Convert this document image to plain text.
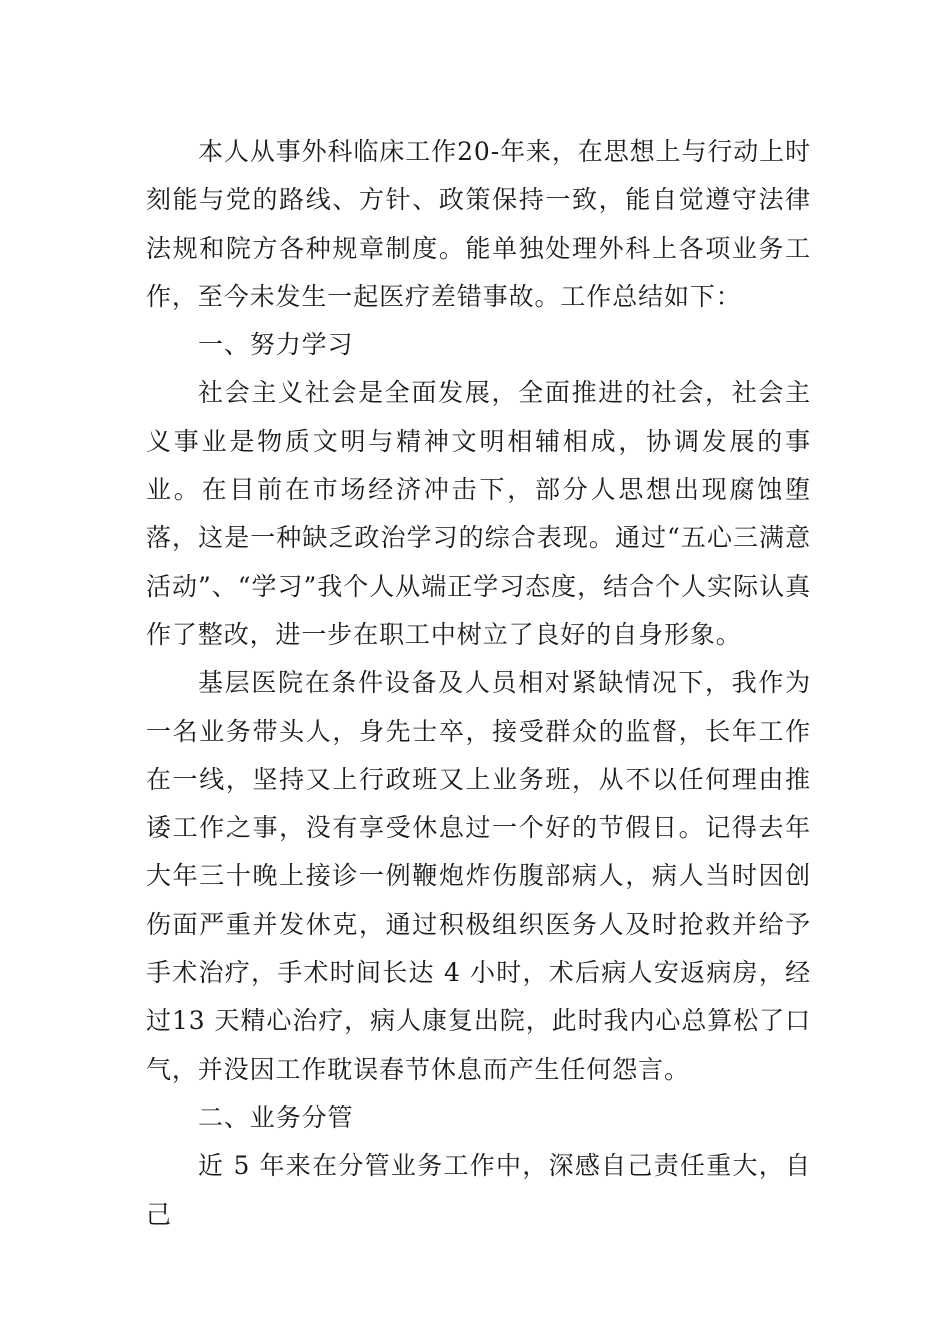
本人从事外科临床工作20-年来，在思想上与行动上时刻能与党的路线、方针、政策保持一致，能自觉遵守法律法规和院方各种规章制度。能单独处理外科上各项业务工作，至今未发生一起医疗差错事故。工作总结如下：

一、努力学习

社会主义社会是全面发展，全面推进的社会，社会主义事业是物质文明与精神文明相辅相成，协调发展的事业。在目前在市场经济冲击下，部分人思想出现腐蚀堕落，这是一种缺乏政治学习的综合表现。通过“五心三满意活动”、“学习”我个人从端正学习态度，结合个人实际认真作了整改，进一步在职工中树立了良好的自身形象。

基层医院在条件设备及人员相对紧缺情况下，我作为一名业务带头人，身先士卒，接受群众的监督，长年工作在一线，坚持又上行政班又上业务班，从不以任何理由推诿工作之事，没有享受休息过一个好的节假日。记得去年大年三十晚上接诊一例鞭炮炸伤腹部病人，病人当时因创伤面严重并发休克，通过积极组织医务人及时抢救并给予手术治疗，手术时间长达 4 小时，术后病人安返病房，经过13 天精心治疗，病人康复出院，此时我内心总算松了口气，并没因工作耽误春节休息而产生任何怨言。

二、业务分管

近 5 年来在分管业务工作中，深感自己责任重大，自己
